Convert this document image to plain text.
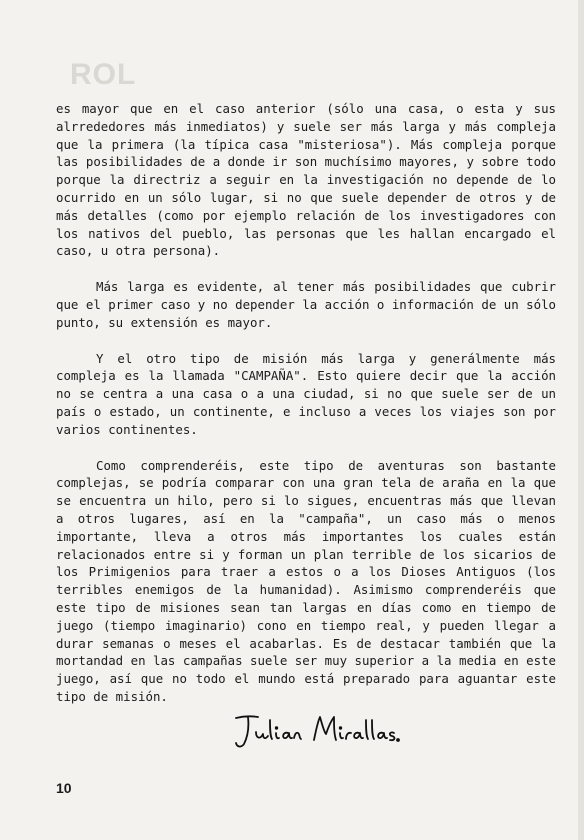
ROL

es mayor que en el caso anterior (sólo una casa, o esta y sus alrrededores más inmediatos) y suele ser más larga y más compleja que la primera (la típica casa "misteriosa"). Más compleja porque las posibilidades de a donde ir son muchísimo mayores, y sobre todo porque la directriz a seguir en la investigación no depende de lo ocurrido en un sólo lugar, si no que suele depender de otros y de más detalles (como por ejemplo relación de los investigadores con los nativos del pueblo, las personas que les hallan encargado el caso, u otra persona).

Más larga es evidente, al tener más posibilidades que cubrir que el primer caso y no depender la acción o información de un sólo punto, su extensión es mayor.

Y el otro tipo de misión más larga y generálmente más compleja es la llamada "CAMPAÑA". Esto quiere decir que la acción no se centra a una casa o a una ciudad, si no que suele ser de un país o estado, un continente, e incluso a veces los viajes son por varios continentes.

Como comprenderéis, este tipo de aventuras son bastante complejas, se podría comparar con una gran tela de araña en la que se encuentra un hilo, pero si lo sigues, encuentras más que llevan a otros lugares, así en la "campaña", un caso más o menos importante, lleva a otros más importantes los cuales están relacionados entre si y forman un plan terrible de los sicarios de los Primigenios para traer a estos o a los Dioses Antiguos (los terribles enemigos de la humanidad). Asimismo comprenderéis que este tipo de misiones sean tan largas en días como en tiempo de juego (tiempo imaginario) cono en tiempo real, y pueden llegar a durar semanas o meses el acabarlas. Es de destacar también que la mortandad en las campañas suele ser muy superior a la media en este juego, así que no todo el mundo está preparado para aguantar este tipo de misión.

10
